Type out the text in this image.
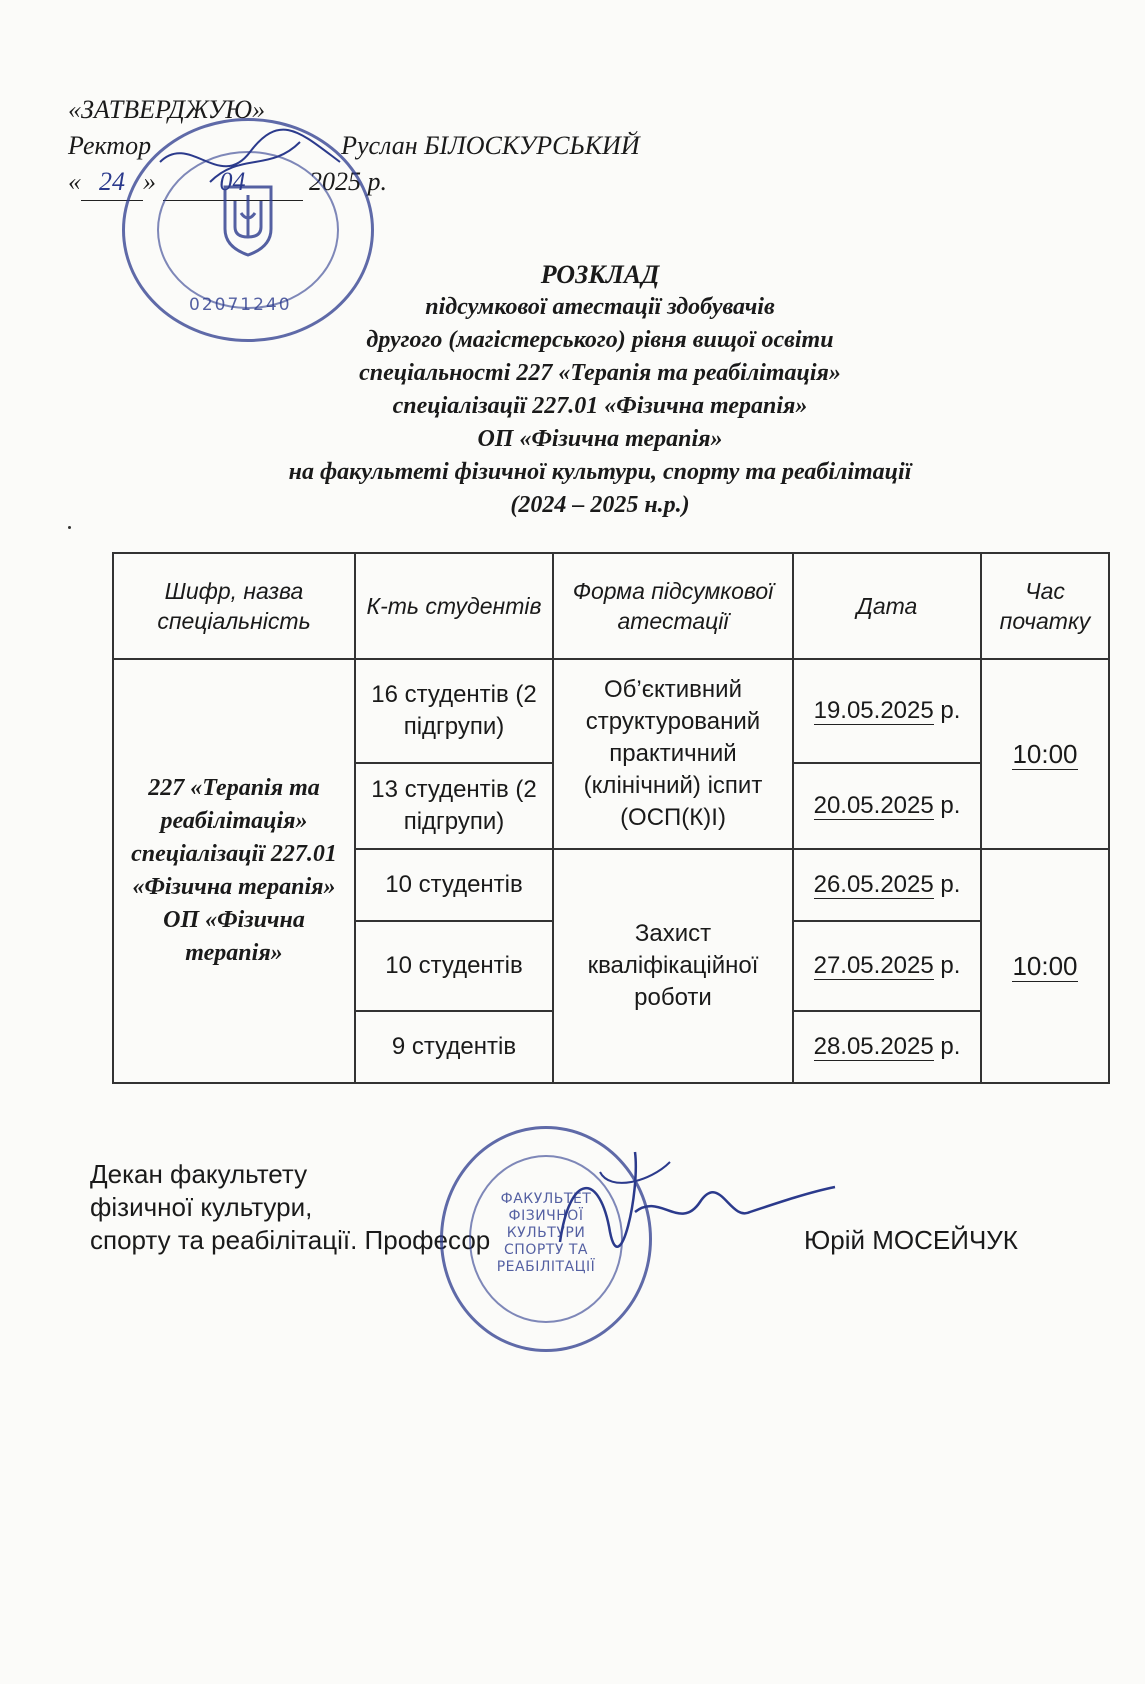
«ЗАТВЕРДЖУЮ»
Ректор	Руслан БІЛОСКУРСЬКИЙ
« 24 » 04 2025 р.
02071240
РОЗКЛАД
підсумкової атестації здобувачів
другого (магістерського) рівня вищої освіти
спеціальності 227 «Терапія та реабілітація»
спеціалізації 227.01 «Фізична терапія»
ОП «Фізична терапія»
на факультеті фізичної культури, спорту та реабілітації
(2024 – 2025 н.р.)
Шифр, назва спеціальність	К-ть студентів	Форма підсумкової атестації	Дата	Час початку
227 «Терапія та реабілітація» спеціалізації 227.01 «Фізична терапія» ОП «Фізична терапія»	16 студентів (2 підгрупи)	Об’єктивний структурований практичний (клінічний) іспит (ОСП(К)І)	19.05.2025 р.	10:00
	13 студентів (2 підгрупи)		20.05.2025 р.	
	10 студентів	Захист кваліфікаційної роботи	26.05.2025 р.	10:00
	10 студентів		27.05.2025 р.	
	9 студентів		28.05.2025 р.	
Декан факультету
фізичної культури,
спорту та реабілітації. Професор
ФАКУЛЬТЕТ ФІЗИЧНОЇ КУЛЬТУРИ СПОРТУ ТА РЕАБІЛІТАЦІЇ
Юрій МОСЕЙЧУК
